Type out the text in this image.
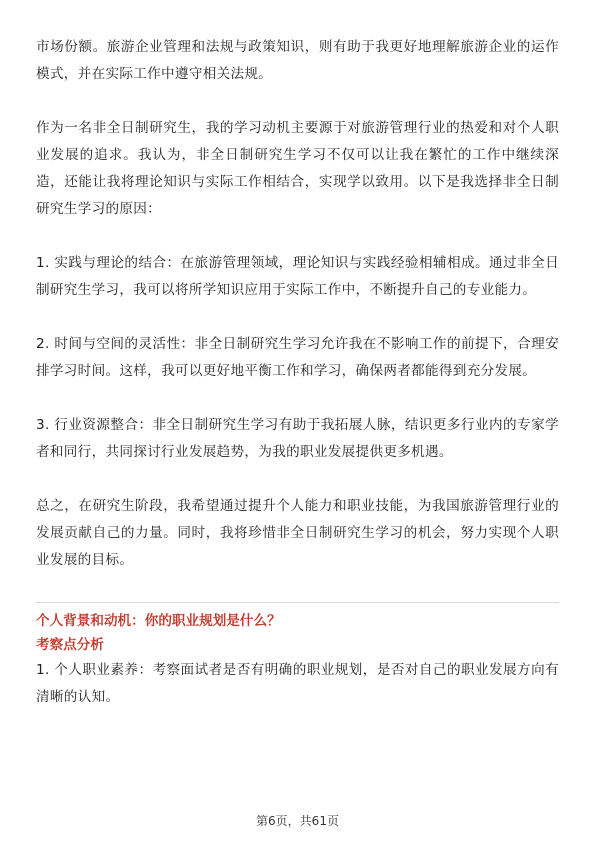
市场份额。旅游企业管理和法规与政策知识，则有助于我更好地理解旅游企业的运作模式，并在实际工作中遵守相关法规。

作为一名非全日制研究生，我的学习动机主要源于对旅游管理行业的热爱和对个人职业发展的追求。我认为，非全日制研究生学习不仅可以让我在繁忙的工作中继续深造，还能让我将理论知识与实际工作相结合，实现学以致用。以下是我选择非全日制研究生学习的原因：

1. 实践与理论的结合：在旅游管理领域，理论知识与实践经验相辅相成。通过非全日制研究生学习，我可以将所学知识应用于实际工作中，不断提升自己的专业能力。

2. 时间与空间的灵活性：非全日制研究生学习允许我在不影响工作的前提下，合理安排学习时间。这样，我可以更好地平衡工作和学习，确保两者都能得到充分发展。

3. 行业资源整合：非全日制研究生学习有助于我拓展人脉，结识更多行业内的专家学者和同行，共同探讨行业发展趋势，为我的职业发展提供更多机遇。

总之，在研究生阶段，我希望通过提升个人能力和职业技能，为我国旅游管理行业的发展贡献自己的力量。同时，我将珍惜非全日制研究生学习的机会，努力实现个人职业发展的目标。

个人背景和动机：你的职业规划是什么？

考察点分析

1. 个人职业素养：考察面试者是否有明确的职业规划，是否对自己的职业发展方向有清晰的认知。

第6页，共61页
